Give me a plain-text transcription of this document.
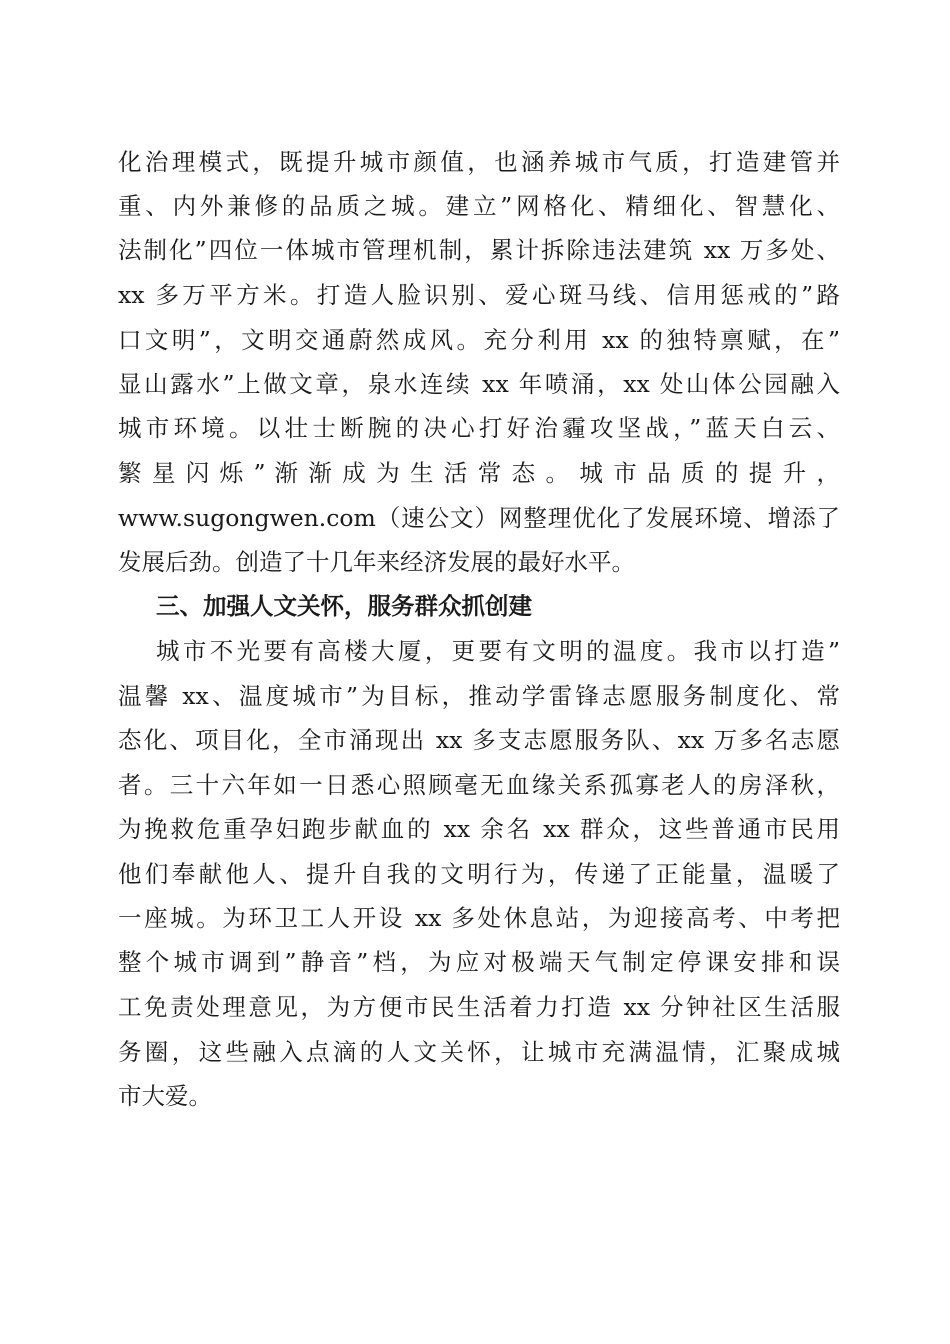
化治理模式，既提升城市颜值，也涵养城市气质，打造建管并
重、内外兼修的品质之城。建立”网格化、精细化、智慧化、
法制化”四位一体城市管理机制，累计拆除违法建筑 xx 万多处、
xx 多万平方米。打造人脸识别、爱心斑马线、信用惩戒的”路
口文明”，文明交通蔚然成风。充分利用 xx 的独特禀赋，在”
显山露水”上做文章，泉水连续 xx 年喷涌，xx 处山体公园融入
城市环境。以壮士断腕的决心打好治霾攻坚战，”蓝天白云、
繁 星 闪 烁 ” 渐 渐 成 为 生 活 常 态 。 城 市 品 质 的 提 升 ，
www.sugongwen.com（速公文）网整理优化了发展环境、增添了
发展后劲。创造了十几年来经济发展的最好水平。
三、加强人文关怀，服务群众抓创建
城市不光要有高楼大厦，更要有文明的温度。我市以打造”
温馨 xx、温度城市”为目标，推动学雷锋志愿服务制度化、常
态化、项目化，全市涌现出 xx 多支志愿服务队、xx 万多名志愿
者。三十六年如一日悉心照顾毫无血缘关系孤寡老人的房泽秋，
为挽救危重孕妇跑步献血的 xx 余名 xx 群众，这些普通市民用
他们奉献他人、提升自我的文明行为，传递了正能量，温暖了
一座城。为环卫工人开设 xx 多处休息站，为迎接高考、中考把
整个城市调到”静音”档，为应对极端天气制定停课安排和误
工免责处理意见，为方便市民生活着力打造 xx 分钟社区生活服
务圈，这些融入点滴的人文关怀，让城市充满温情，汇聚成城
市大爱。
